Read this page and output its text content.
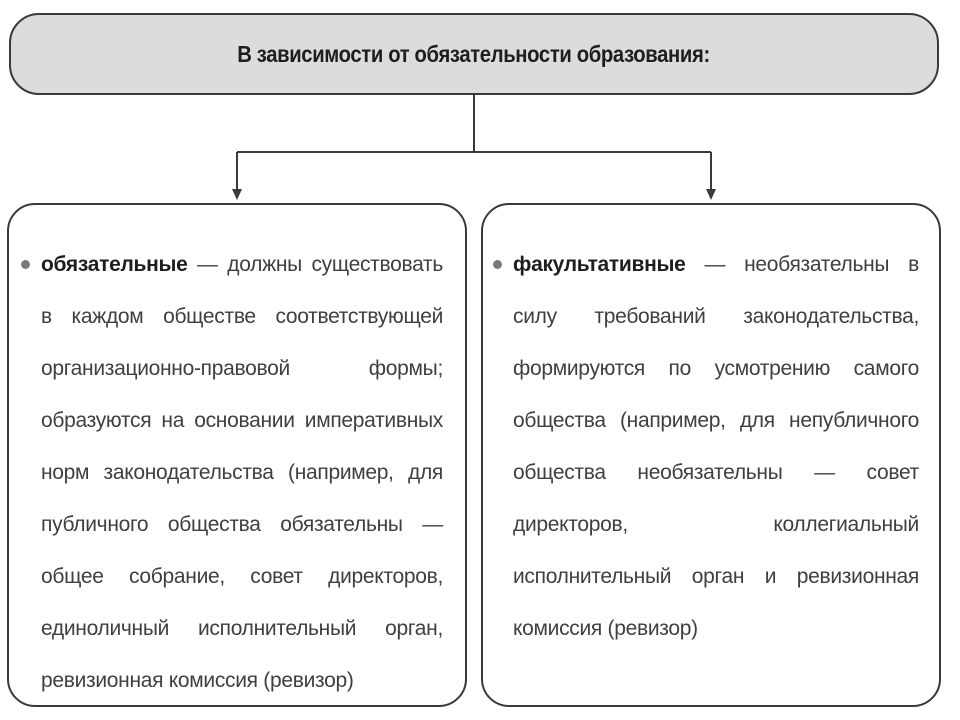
В зависимости от обязательности образования:
обязательные — должны существовать в каждом обществе соответствующей организационно-правовой формы; образуются на основании императивных норм законодательства (например, для публичного общества обязательны — общее собрание, совет директоров, единоличный исполнительный орган, ревизионная комиссия (ревизор)
факультативные — необязательны в силу требований законодательства, формируются по усмотрению самого общества (например, для непубличного общества необязательны — совет директоров, коллегиальный исполнительный орган и ревизионная комиссия (ревизор)
